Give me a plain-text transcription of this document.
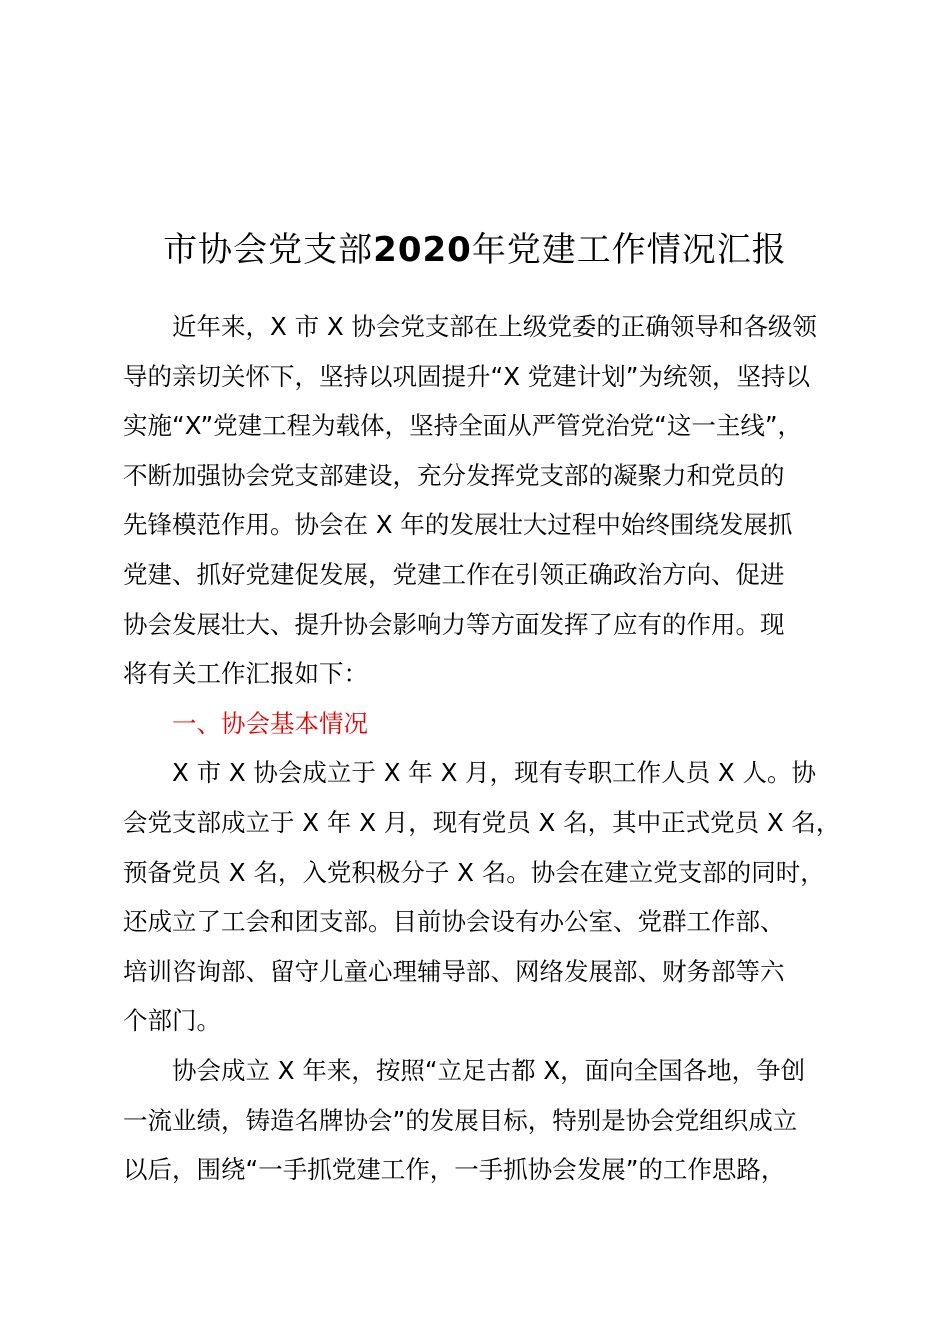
市协会党支部2020年党建工作情况汇报
近年来，X 市 X 协会党支部在上级党委的正确领导和各级领
导的亲切关怀下，坚持以巩固提升“X 党建计划”为统领，坚持以
实施“X”党建工程为载体，坚持全面从严管党治党“这一主线”，
不断加强协会党支部建设，充分发挥党支部的凝聚力和党员的
先锋模范作用。协会在 X 年的发展壮大过程中始终围绕发展抓
党建、抓好党建促发展，党建工作在引领正确政治方向、促进
协会发展壮大、提升协会影响力等方面发挥了应有的作用。现
将有关工作汇报如下：
一、协会基本情况
X 市 X 协会成立于 X 年 X 月，现有专职工作人员 X 人。协
会党支部成立于 X 年 X 月，现有党员 X 名，其中正式党员 X 名，
预备党员 X 名，入党积极分子 X 名。协会在建立党支部的同时，
还成立了工会和团支部。目前协会设有办公室、党群工作部、
培训咨询部、留守儿童心理辅导部、网络发展部、财务部等六
个部门。
协会成立 X 年来，按照“立足古都 X，面向全国各地，争创
一流业绩，铸造名牌协会”的发展目标，特别是协会党组织成立
以后，围绕“一手抓党建工作，一手抓协会发展”的工作思路，
